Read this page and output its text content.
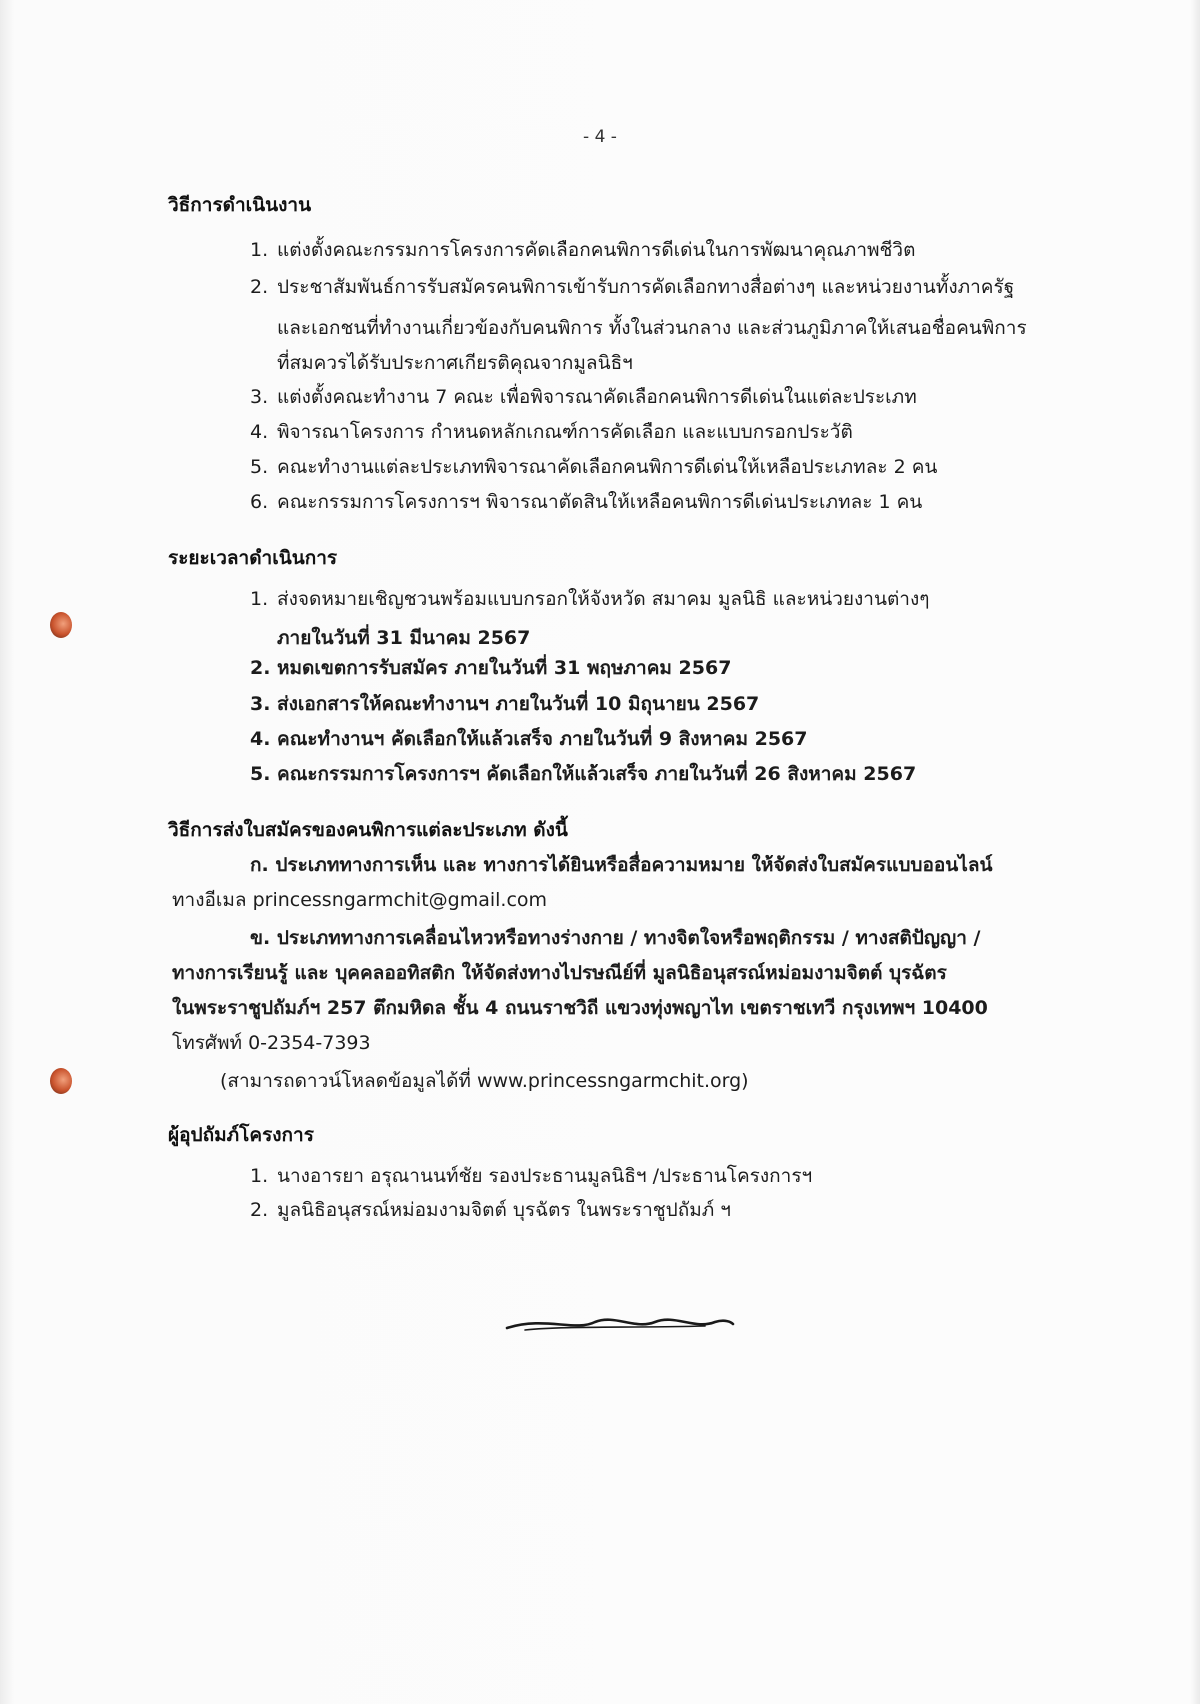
- 4 -
วิธีการดำเนินงาน
1. แต่งตั้งคณะกรรมการโครงการคัดเลือกคนพิการดีเด่นในการพัฒนาคุณภาพชีวิต
2. ประชาสัมพันธ์การรับสมัครคนพิการเข้ารับการคัดเลือกทางสื่อต่างๆ และหน่วยงานทั้งภาครัฐ
และเอกชนที่ทำงานเกี่ยวข้องกับคนพิการ ทั้งในส่วนกลาง และส่วนภูมิภาคให้เสนอชื่อคนพิการ
ที่สมควรได้รับประกาศเกียรติคุณจากมูลนิธิฯ
3. แต่งตั้งคณะทำงาน 7 คณะ เพื่อพิจารณาคัดเลือกคนพิการดีเด่นในแต่ละประเภท
4. พิจารณาโครงการ กำหนดหลักเกณฑ์การคัดเลือก และแบบกรอกประวัติ
5. คณะทำงานแต่ละประเภทพิจารณาคัดเลือกคนพิการดีเด่นให้เหลือประเภทละ 2 คน
6. คณะกรรมการโครงการฯ พิจารณาตัดสินให้เหลือคนพิการดีเด่นประเภทละ 1 คน
ระยะเวลาดำเนินการ
1. ส่งจดหมายเชิญชวนพร้อมแบบกรอกให้จังหวัด สมาคม มูลนิธิ และหน่วยงานต่างๆ
ภายในวันที่ 31 มีนาคม 2567
2. หมดเขตการรับสมัคร ภายในวันที่ 31 พฤษภาคม 2567
3. ส่งเอกสารให้คณะทำงานฯ ภายในวันที่ 10 มิถุนายน 2567
4. คณะทำงานฯ คัดเลือกให้แล้วเสร็จ ภายในวันที่ 9 สิงหาคม 2567
5. คณะกรรมการโครงการฯ คัดเลือกให้แล้วเสร็จ ภายในวันที่ 26 สิงหาคม 2567
วิธีการส่งใบสมัครของคนพิการแต่ละประเภท ดังนี้
ก. ประเภททางการเห็น และ ทางการได้ยินหรือสื่อความหมาย ให้จัดส่งใบสมัครแบบออนไลน์
ทางอีเมล princessngarmchit@gmail.com
ข. ประเภททางการเคลื่อนไหวหรือทางร่างกาย / ทางจิตใจหรือพฤติกรรม / ทางสติปัญญา /
ทางการเรียนรู้ และ บุคคลออทิสติก ให้จัดส่งทางไปรษณีย์ที่ มูลนิธิอนุสรณ์หม่อมงามจิตต์ บุรฉัตร
ในพระราชูปถัมภ์ฯ 257 ตึกมหิดล ชั้น 4 ถนนราชวิถี แขวงทุ่งพญาไท เขตราชเทวี กรุงเทพฯ 10400
โทรศัพท์ 0-2354-7393
(สามารถดาวน์โหลดข้อมูลได้ที่ www.princessngarmchit.org)
ผู้อุปถัมภ์โครงการ
1. นางอารยา อรุณานนท์ชัย รองประธานมูลนิธิฯ /ประธานโครงการฯ
2. มูลนิธิอนุสรณ์หม่อมงามจิตต์ บุรฉัตร ในพระราชูปถัมภ์ ฯ
